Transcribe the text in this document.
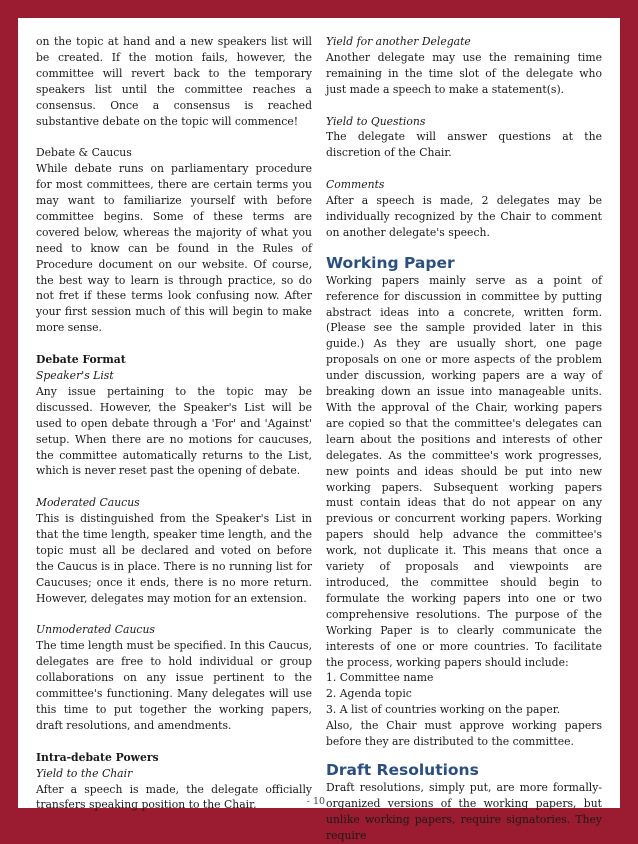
on the topic at hand and a new speakers list will be created. If the motion fails, however, the committee will revert back to the temporary speakers list until the committee reaches a consensus. Once a consensus is reached substantive debate on the topic will commence!

Debate & Caucus

While debate runs on parliamentary procedure for most committees, there are certain terms you may want to familiarize yourself with before committee begins. Some of these terms are covered below, whereas the majority of what you need to know can be found in the Rules of Procedure document on our website. Of course, the best way to learn is through practice, so do not fret if these terms look confusing now. After your first session much of this will begin to make more sense.

Debate Format

Speaker's List

Any issue pertaining to the topic may be discussed. However, the Speaker's List will be used to open debate through a 'For' and 'Against' setup. When there are no motions for caucuses, the committee automatically returns to the List, which is never reset past the opening of debate.

Moderated Caucus

This is distinguished from the Speaker's List in that the time length, speaker time length, and the topic must all be declared and voted on before the Caucus is in place. There is no running list for Caucuses; once it ends, there is no more return. However, delegates may motion for an extension.

Unmoderated Caucus

The time length must be specified. In this Caucus, delegates are free to hold individual or group collaborations on any issue pertinent to the committee's functioning. Many delegates will use this time to put together the working papers, draft resolutions, and amendments.

Intra-debate Powers

Yield to the Chair

After a speech is made, the delegate officially transfers speaking position to the Chair.

Yield for another Delegate

Another delegate may use the remaining time remaining in the time slot of the delegate who just made a speech to make a statement(s).

Yield to Questions

The delegate will answer questions at the discretion of the Chair.

Comments

After a speech is made, 2 delegates may be individually recognized by the Chair to comment on another delegate's speech.

Working Paper

Working papers mainly serve as a point of reference for discussion in committee by putting abstract ideas into a concrete, written form. (Please see the sample provided later in this guide.) As they are usually short, one page proposals on one or more aspects of the problem under discussion, working papers are a way of breaking down an issue into manageable units. With the approval of the Chair, working papers are copied so that the committee's delegates can learn about the positions and interests of other delegates. As the committee's work progresses, new points and ideas should be put into new working papers. Subsequent working papers must contain ideas that do not appear on any previous or concurrent working papers. Working papers should help advance the committee's work, not duplicate it. This means that once a variety of proposals and viewpoints are introduced, the committee should begin to formulate the working papers into one or two comprehensive resolutions. The purpose of the Working Paper is to clearly communicate the interests of one or more countries. To facilitate the process, working papers should include:

1. Committee name

2. Agenda topic

3. A list of countries working on the paper.

Also, the Chair must approve working papers before they are distributed to the committee.

Draft Resolutions

Draft resolutions, simply put, are more formally-organized versions of the working papers, but unlike working papers, require signatories. They require

- 10 -
